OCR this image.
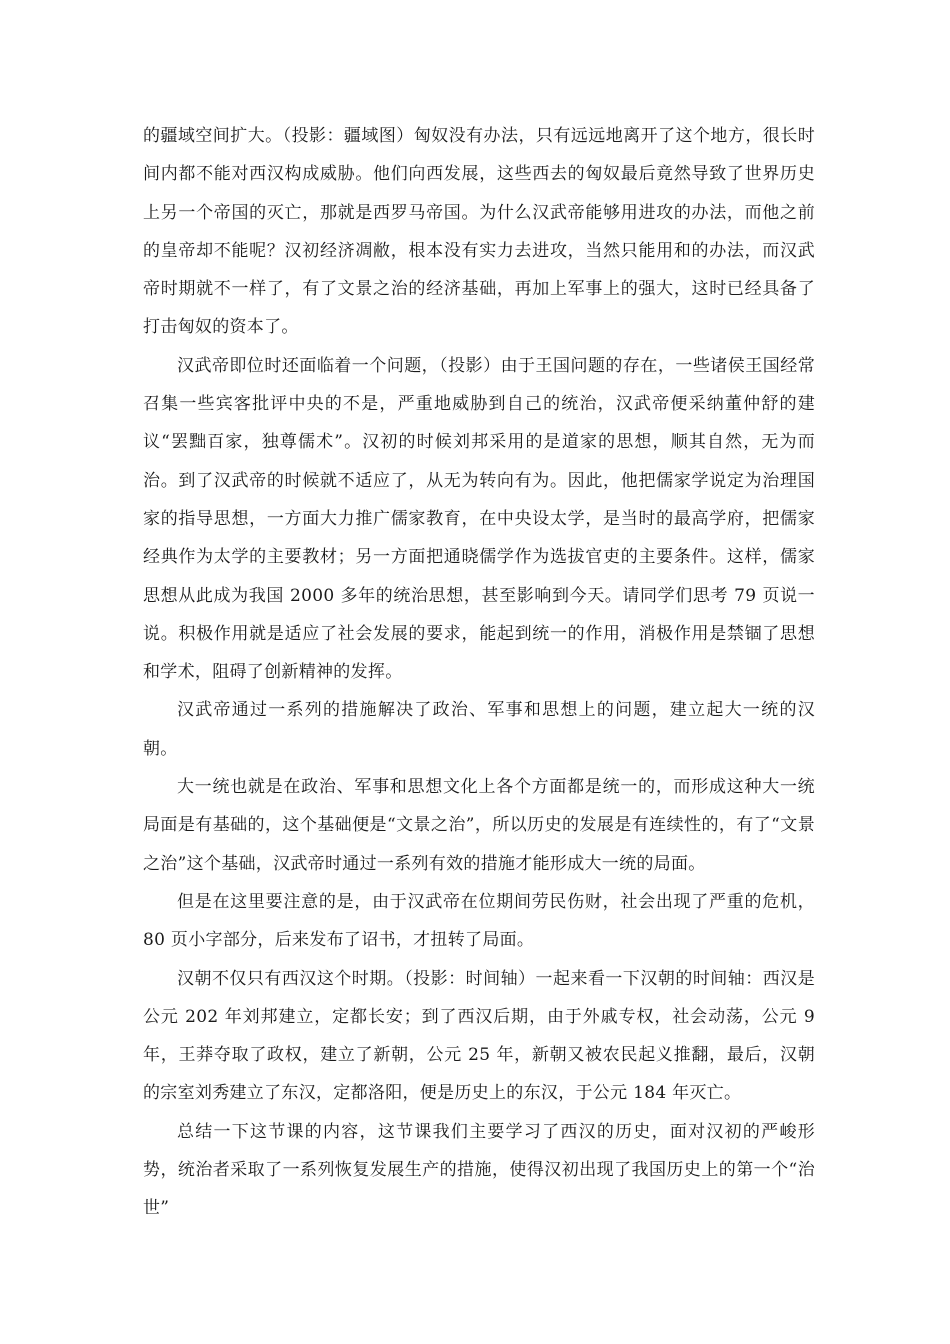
的疆域空间扩大。（投影：疆域图）匈奴没有办法，只有远远地离开了这个地方，很长时间内都不能对西汉构成威胁。他们向西发展，这些西去的匈奴最后竟然导致了世界历史上另一个帝国的灭亡，那就是西罗马帝国。为什么汉武帝能够用进攻的办法，而他之前的皇帝却不能呢？汉初经济凋敝，根本没有实力去进攻，当然只能用和的办法，而汉武帝时期就不一样了，有了文景之治的经济基础，再加上军事上的强大，这时已经具备了打击匈奴的资本了。

汉武帝即位时还面临着一个问题，（投影）由于王国问题的存在，一些诸侯王国经常召集一些宾客批评中央的不是，严重地威胁到自己的统治，汉武帝便采纳董仲舒的建议“罢黜百家，独尊儒术”。汉初的时候刘邦采用的是道家的思想，顺其自然，无为而治。到了汉武帝的时候就不适应了，从无为转向有为。因此，他把儒家学说定为治理国家的指导思想，一方面大力推广儒家教育，在中央设太学，是当时的最高学府，把儒家经典作为太学的主要教材；另一方面把通晓儒学作为选拔官吏的主要条件。这样，儒家思想从此成为我国 2000 多年的统治思想，甚至影响到今天。请同学们思考 79 页说一说。积极作用就是适应了社会发展的要求，能起到统一的作用，消极作用是禁锢了思想和学术，阻碍了创新精神的发挥。

汉武帝通过一系列的措施解决了政治、军事和思想上的问题，建立起大一统的汉朝。

大一统也就是在政治、军事和思想文化上各个方面都是统一的，而形成这种大一统局面是有基础的，这个基础便是“文景之治”，所以历史的发展是有连续性的，有了“文景之治”这个基础，汉武帝时通过一系列有效的措施才能形成大一统的局面。

但是在这里要注意的是，由于汉武帝在位期间劳民伤财，社会出现了严重的危机，80 页小字部分，后来发布了诏书，才扭转了局面。

汉朝不仅只有西汉这个时期。（投影：时间轴）一起来看一下汉朝的时间轴：西汉是公元 202 年刘邦建立，定都长安；到了西汉后期，由于外戚专权，社会动荡，公元 9 年，王莽夺取了政权，建立了新朝，公元 25 年，新朝又被农民起义推翻，最后，汉朝的宗室刘秀建立了东汉，定都洛阳，便是历史上的东汉，于公元 184 年灭亡。

总结一下这节课的内容，这节课我们主要学习了西汉的历史，面对汉初的严峻形势，统治者采取了一系列恢复发展生产的措施，使得汉初出现了我国历史上的第一个“治世”
